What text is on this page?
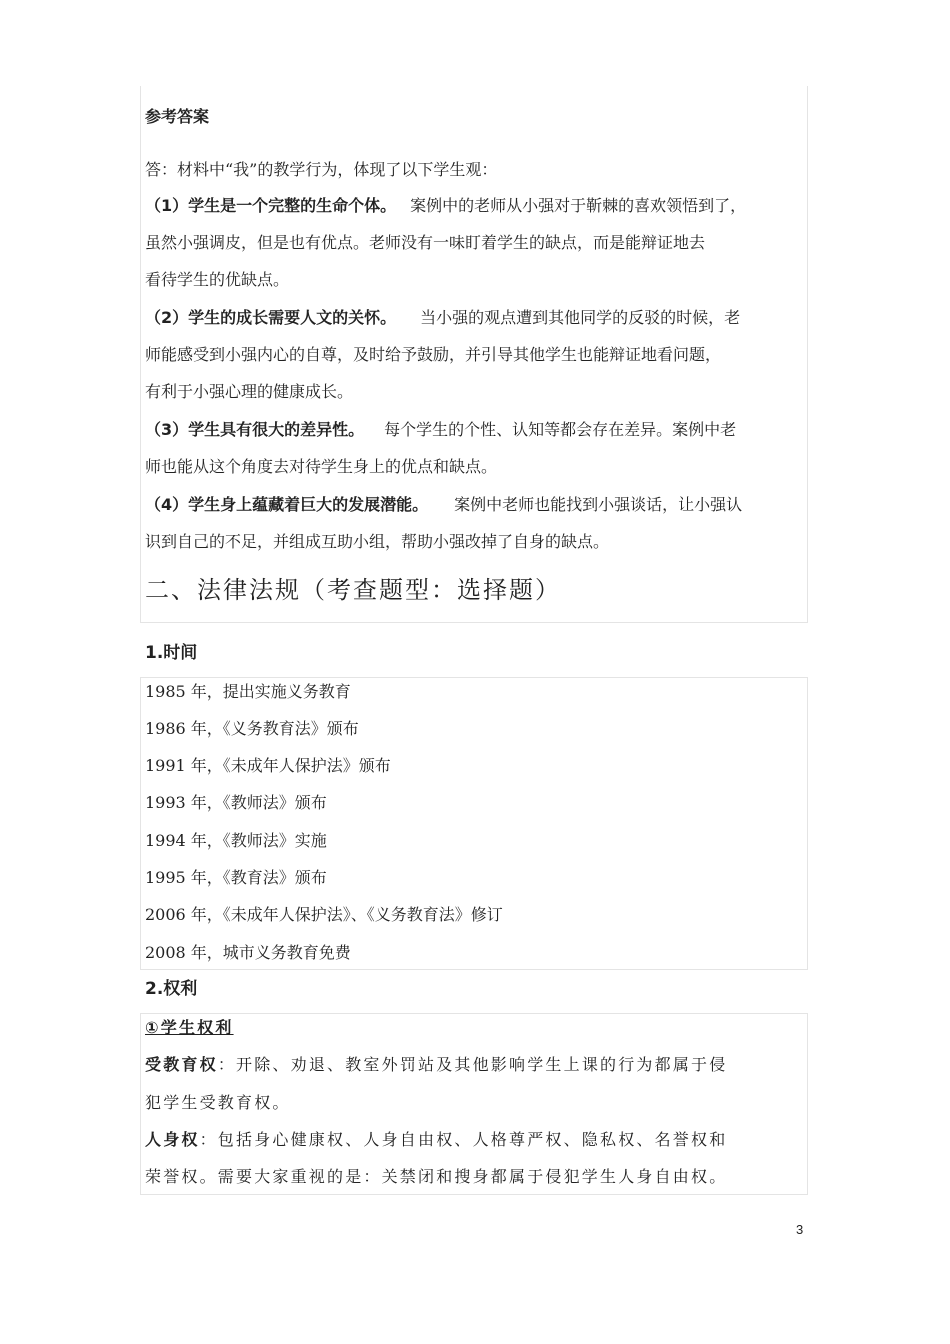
参考答案
答：材料中“我”的教学行为，体现了以下学生观：
（1）学生是一个完整的生命个体。 案例中的老师从小强对于靳棘的喜欢领悟到了，
虽然小强调皮，但是也有优点。老师没有一味盯着学生的缺点，而是能辩证地去
看待学生的优缺点。
（2）学生的成长需要人文的关怀。 当小强的观点遭到其他同学的反驳的时候，老
师能感受到小强内心的自尊，及时给予鼓励，并引导其他学生也能辩证地看问题，
有利于小强心理的健康成长。
（3）学生具有很大的差异性。 每个学生的个性、认知等都会存在差异。案例中老
师也能从这个角度去对待学生身上的优点和缺点。
（4）学生身上蕴藏着巨大的发展潜能。 案例中老师也能找到小强谈话，让小强认
识到自己的不足，并组成互助小组，帮助小强改掉了自身的缺点。
二、法律法规（考查题型：选择题）
1.时间
1985 年，提出实施义务教育
1986 年，《义务教育法》颁布
1991 年，《未成年人保护法》颁布
1993 年，《教师法》颁布
1994 年，《教师法》实施
1995 年，《教育法》颁布
2006 年，《未成年人保护法》、《义务教育法》修订
2008 年，城市义务教育免费
2.权利
①学生权利
受教育权：开除、劝退、教室外罚站及其他影响学生上课的行为都属于侵
犯学生受教育权。
人身权：包括身心健康权、人身自由权、人格尊严权、隐私权、名誉权和
荣誉权。需要大家重视的是：关禁闭和搜身都属于侵犯学生人身自由权。
3
